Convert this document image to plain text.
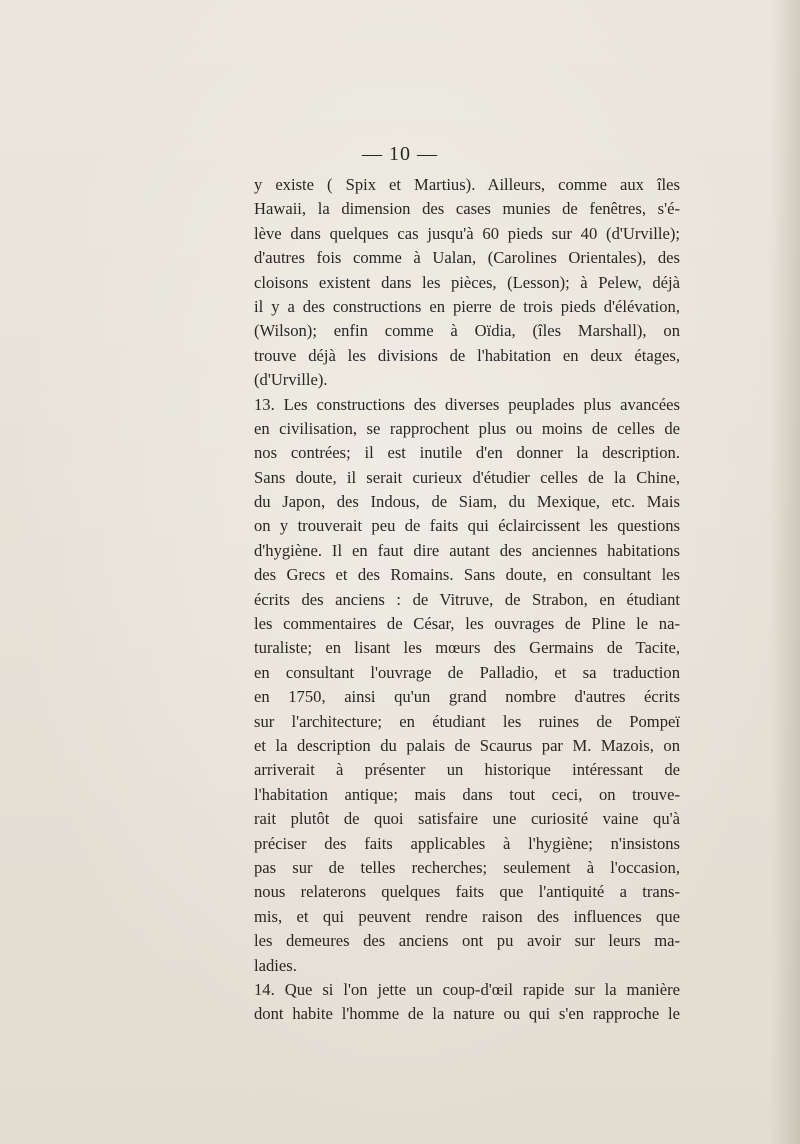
— 10 —
y existe ( Spix et Martius). Ailleurs, comme aux îles
Hawaii, la dimension des cases munies de fenêtres, s'é-
lève dans quelques cas jusqu'à 60 pieds sur 40 (d'Urville);
d'autres fois comme à Ualan, (Carolines Orientales), des
cloisons existent dans les pièces, (Lesson); à Pelew, déjà
il y a des constructions en pierre de trois pieds d'élévation,
(Wilson); enfin comme à Oïdia, (îles Marshall), on
trouve déjà les divisions de l'habitation en deux étages,
(d'Urville).
13. Les constructions des diverses peuplades plus avancées
en civilisation, se rapprochent plus ou moins de celles de
nos contrées; il est inutile d'en donner la description.
Sans doute, il serait curieux d'étudier celles de la Chine,
du Japon, des Indous, de Siam, du Mexique, etc. Mais
on y trouverait peu de faits qui éclaircissent les questions
d'hygiène. Il en faut dire autant des anciennes habitations
des Grecs et des Romains. Sans doute, en consultant les
écrits des anciens : de Vitruve, de Strabon, en étudiant
les commentaires de César, les ouvrages de Pline le na-
turaliste; en lisant les mœurs des Germains de Tacite,
en consultant l'ouvrage de Palladio, et sa traduction
en 1750, ainsi qu'un grand nombre d'autres écrits
sur l'architecture; en étudiant les ruines de Pompeï
et la description du palais de Scaurus par M. Mazois, on
arriverait à présenter un historique intéressant de
l'habitation antique; mais dans tout ceci, on trouve-
rait plutôt de quoi satisfaire une curiosité vaine qu'à
préciser des faits applicables à l'hygiène; n'insistons
pas sur de telles recherches; seulement à l'occasion,
nous relaterons quelques faits que l'antiquité a trans-
mis, et qui peuvent rendre raison des influences que
les demeures des anciens ont pu avoir sur leurs ma-
ladies.
14. Que si l'on jette un coup-d'œil rapide sur la manière
dont habite l'homme de la nature ou qui s'en rapproche le
